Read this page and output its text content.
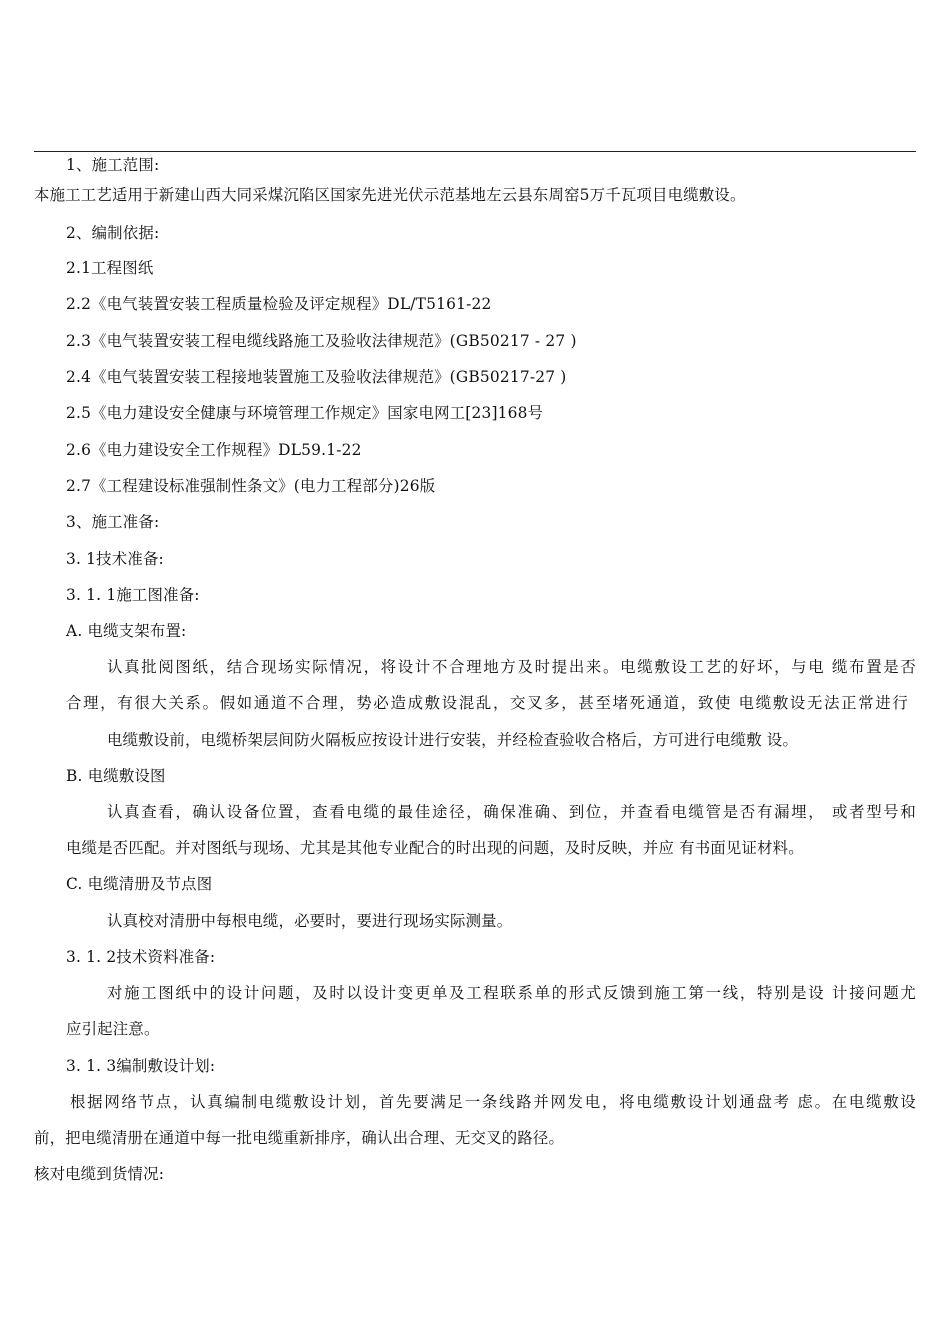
1、施工范围:
本施工工艺适用于新建山西大同采煤沉陷区国家先进光伏示范基地左云县东周窑5万千瓦项目电缆敷设。
2、编制依据:
2.1工程图纸
2.2《电气装置安装工程质量检验及评定规程》DL/T5161-22
2.3《电气装置安装工程电缆线路施工及验收法律规范》(GB50217 - 27 )
2.4《电气装置安装工程接地装置施工及验收法律规范》(GB50217-27 )
2.5《电力建设安全健康与环境管理工作规定》国家电网工[23]168号
2.6《电力建设安全工作规程》DL59.1-22
2.7《工程建设标准强制性条文》(电力工程部分)26版
3、施工准备:
3. 1技术准备:
3. 1. 1施工图准备:
A. 电缆支架布置:
认真批阅图纸，结合现场实际情况，将设计不合理地方及时提出来。电缆敷设工艺的好坏，与电 缆布置是否
合理，有很大关系。假如通道不合理，势必造成敷设混乱，交叉多，甚至堵死通道，致使 电缆敷设无法正常进行
电缆敷设前，电缆桥架层间防火隔板应按设计进行安装，并经检查验收合格后，方可进行电缆敷 设。
B. 电缆敷设图
认真查看，确认设备位置，查看电缆的最佳途径，确保准确、到位，并查看电缆管是否有漏埋， 或者型号和
电缆是否匹配。并对图纸与现场、尤其是其他专业配合的时出现的问题，及时反映，并应 有书面见证材料。
C. 电缆清册及节点图
认真校对清册中每根电缆，必要时，要进行现场实际测量。
3. 1. 2技术资料准备:
对施工图纸中的设计问题，及时以设计变更单及工程联系单的形式反馈到施工第一线，特别是设 计接问题尤
应引起注意。
3. 1. 3编制敷设计划:
根据网络节点，认真编制电缆敷设计划，首先要满足一条线路并网发电，将电缆敷设计划通盘考 虑。在电缆敷设
前，把电缆清册在通道中每一批电缆重新排序，确认出合理、无交叉的路径。
核对电缆到货情况:
